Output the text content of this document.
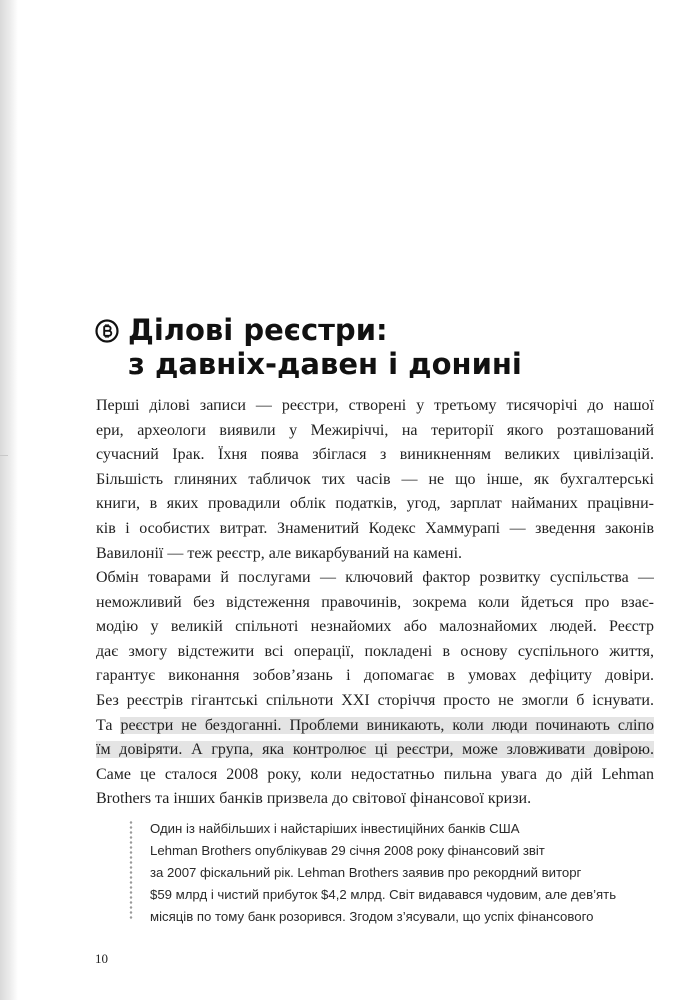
Ділові реєстри:
з давніх-давен і донині

Перші ділові записи — реєстри, створені у третьому тисячорічі до нашої
ери, археологи виявили у Межиріччі, на території якого розташований
сучасний Ірак. Їхня поява збіглася з виникненням великих цивілізацій.
Більшість глиняних табличок тих часів — не що інше, як бухгалтерські
книги, в яких провадили облік податків, угод, зарплат найманих працівни-
ків і особистих витрат. Знаменитий Кодекс Хаммурапі — зведення законів
Вавилонії — теж реєстр, але викарбуваний на камені.

Обмін товарами й послугами — ключовий фактор розвитку суспільства —
неможливий без відстеження правочинів, зокрема коли йдеться про взає-
модію у великій спільноті незнайомих або малознайомих людей. Реєстр
дає змогу відстежити всі операції, покладені в основу суспільного життя,
гарантує виконання зобов’язань і допомагає в умовах дефіциту довіри.

Без реєстрів гігантські спільноти XXI сторіччя просто не змогли б існувати.
Та реєстри не бездоганні. Проблеми виникають, коли люди починають сліпо
їм довіряти. А група, яка контролює ці реєстри, може зловживати довірою.
Саме це сталося 2008 року, коли недостатньо пильна увага до дій Lehman
Brothers та інших банків призвела до світової фінансової кризи.

Один із найбільших і найстаріших інвестиційних банків США
Lehman Brothers опублікував 29 січня 2008 року фінансовий звіт
за 2007 фіскальний рік. Lehman Brothers заявив про рекордний виторг
$59 млрд і чистий прибуток $4,2 млрд. Світ видавався чудовим, але дев’ять
місяців по тому банк розорився. Згодом з’ясували, що успіх фінансового
10
